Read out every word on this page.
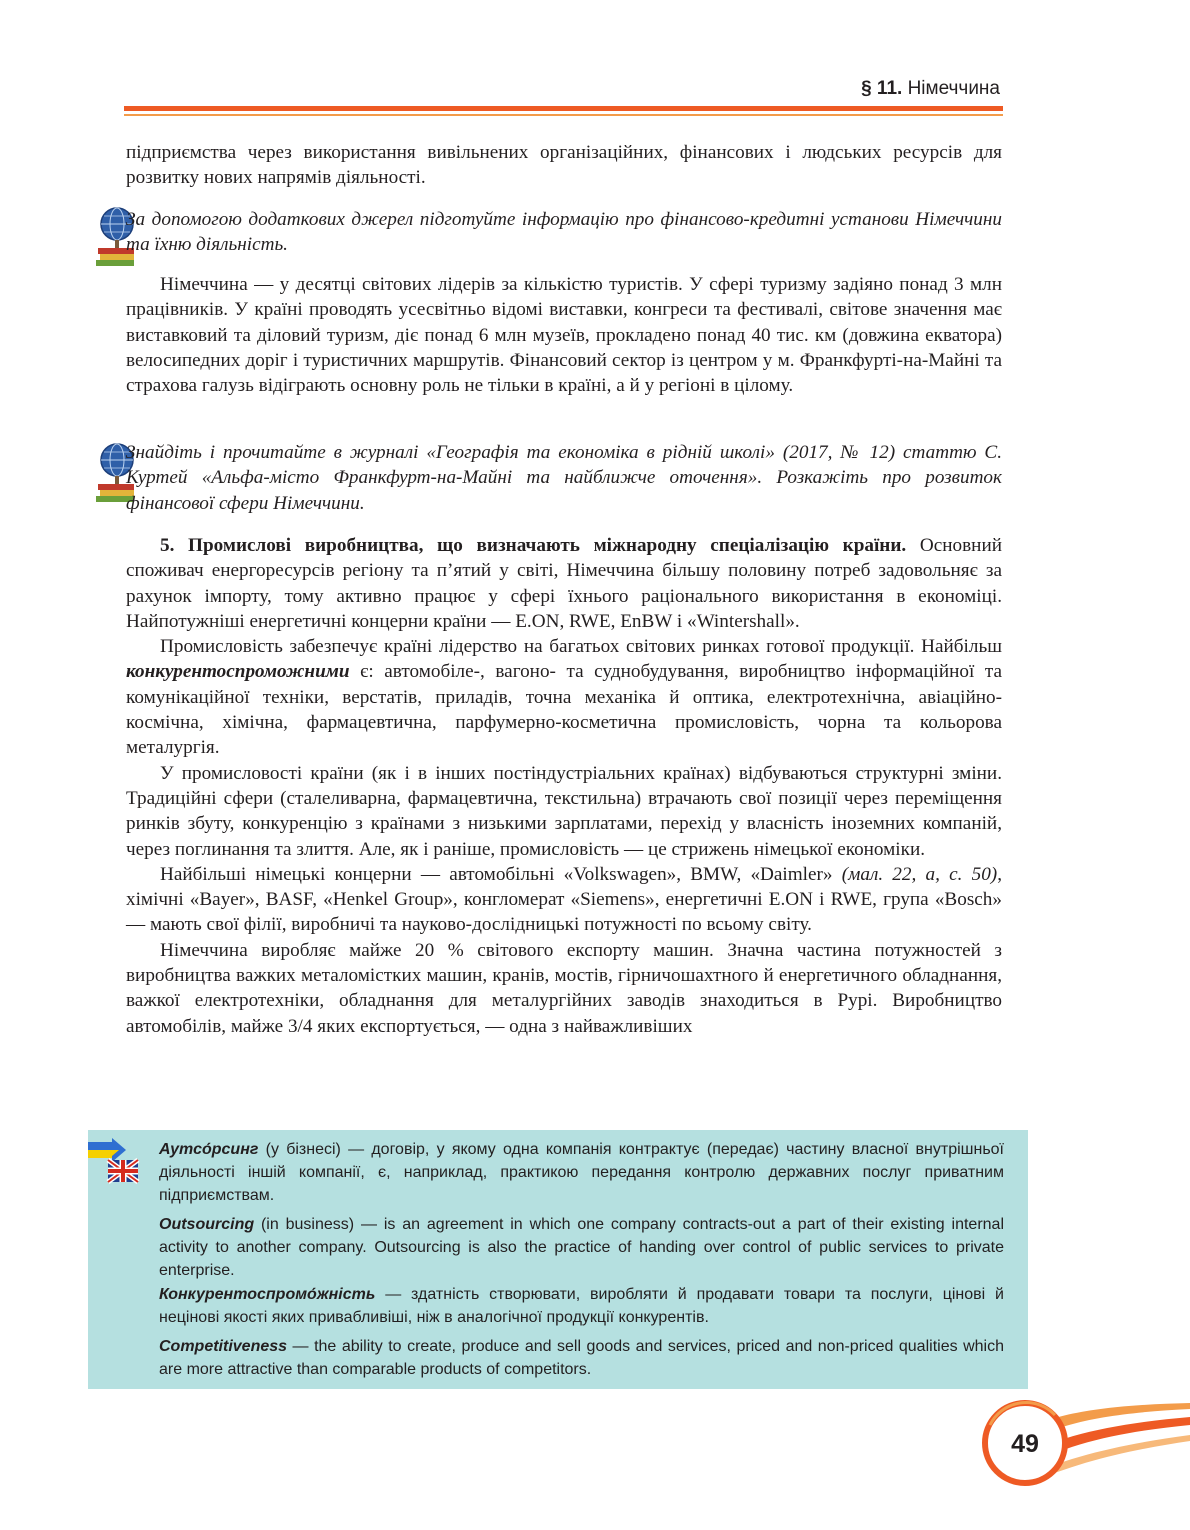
§ 11. Німеччина

підприємства через використання вивільнених організаційних, фінансових і людських ресурсів для розвитку нових напрямів діяльності.

За допомогою додаткових джерел підготуйте інформацію про фінансово-кредитні установи Німеччини та їхню діяльність.

Німеччина — у десятці світових лідерів за кількістю туристів. У сфері туризму задіяно понад 3 млн працівників. У країні проводять усесвітньо відомі виставки, конгреси та фестивалі, світове значення має виставковий та діловий туризм, діє понад 6 млн музеїв, прокладено понад 40 тис. км (довжина екватора) велосипедних доріг і туристичних маршрутів. Фінансовий сектор із центром у м. Франкфурті-на-Майні та страхова галузь відіграють основну роль не тільки в країні, а й у регіоні в цілому.

Знайдіть і прочитайте в журналі «Географія та економіка в рідній школі» (2017, № 12) статтю С. Куртей «Альфа-місто Франкфурт-на-Майні та найближче оточення». Розкажіть про розвиток фінансової сфери Німеччини.

5. Промислові виробництва, що визначають міжнародну спеціалізацію країни. Основний споживач енергоресурсів регіону та п’ятий у світі, Німеччина більшу половину потреб задовольняє за рахунок імпорту, тому активно працює у сфері їхнього раціонального використання в економіці. Найпотужніші енергетичні концерни країни — E.ON, RWE, EnBW і «Wintershall».

Промисловість забезпечує країні лідерство на багатьох світових ринках готової продукції. Найбільш конкурентоспроможними є: автомобіле-, вагоно- та суднобудування, виробництво інформаційної та комунікаційної техніки, верстатів, приладів, точна механіка й оптика, електротехнічна, авіаційно-космічна, хімічна, фармацевтична, парфумерно-косметична промисловість, чорна та кольорова металургія.

У промисловості країни (як і в інших постіндустріальних країнах) відбуваються структурні зміни. Традиційні сфери (сталеливарна, фармацевтична, текстильна) втрачають свої позиції через переміщення ринків збуту, конкуренцію з країнами з низькими зарплатами, перехід у власність іноземних компаній, через поглинання та злиття. Але, як і раніше, промисловість — це стрижень німецької економіки.

Найбільші німецькі концерни — автомобільні «Volkswagen», BMW, «Daimler» (мал. 22, а, с. 50), хімічні «Bayer», BASF, «Henkel Group», конгломерат «Siemens», енергетичні E.ON і RWE, група «Bosch» — мають свої філії, виробничі та науково-дослідницькі потужності по всьому світу.

Німеччина виробляє майже 20 % світового експорту машин. Значна частина потужностей з виробництва важких металомістких машин, кранів, мостів, гірничошахтного й енергетичного обладнання, важкої електротехніки, обладнання для металургійних заводів знаходиться в Рурі. Виробництво автомобілів, майже 3/4 яких експортується, — одна з найважливіших

Аутсо́рсинг (у бізнесі) — договір, у якому одна компанія контрактує (передає) частину власної внутрішньої діяльності іншій компанії, є, наприклад, практикою передання контролю державних послуг приватним підприємствам.

Outsourcing (in business) — is an agreement in which one company contracts-out a part of their existing internal activity to another company. Outsourcing is also the practice of handing over control of public services to private enterprise.

Конкурентоспромо́жність — здатність створювати, виробляти й продавати товари та послуги, цінові й нецінові якості яких привабливіші, ніж в аналогічної продукції конкурентів.

Competitiveness — the ability to create, produce and sell goods and services, priced and non-priced qualities which are more attractive than comparable products of competitors.

49
